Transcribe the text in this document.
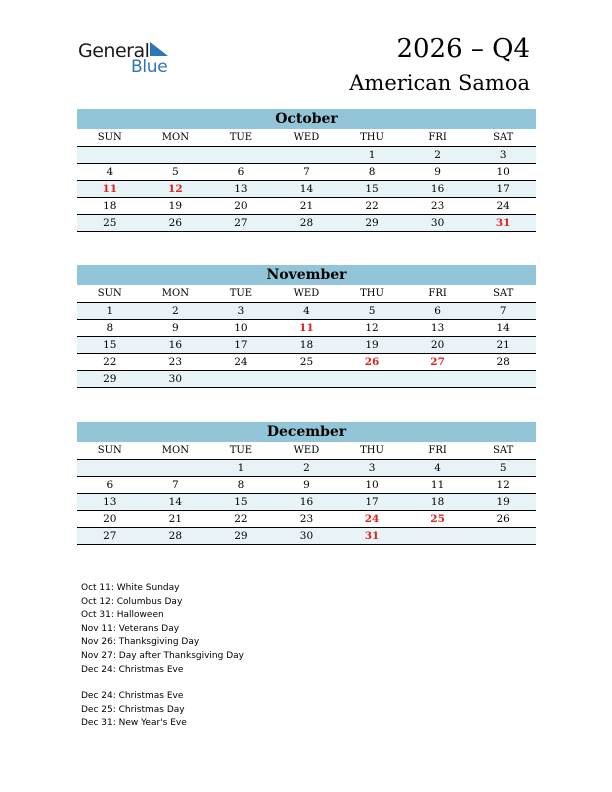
General
Blue
2026 – Q4
American Samoa
October
SUN	MON	TUE	WED	THU	FRI	SAT
				1	2	3
4	5	6	7	8	9	10
11	12	13	14	15	16	17
18	19	20	21	22	23	24
25	26	27	28	29	30	31
November
SUN	MON	TUE	WED	THU	FRI	SAT
1	2	3	4	5	6	7
8	9	10	11	12	13	14
15	16	17	18	19	20	21
22	23	24	25	26	27	28
29	30					
December
SUN	MON	TUE	WED	THU	FRI	SAT
		1	2	3	4	5
6	7	8	9	10	11	12
13	14	15	16	17	18	19
20	21	22	23	24	25	26
27	28	29	30	31		
Oct 11: White Sunday
Oct 12: Columbus Day
Oct 31: Halloween
Nov 11: Veterans Day
Nov 26: Thanksgiving Day
Nov 27: Day after Thanksgiving Day
Dec 24: Christmas Eve
Dec 24: Christmas Eve
Dec 25: Christmas Day
Dec 31: New Year's Eve
